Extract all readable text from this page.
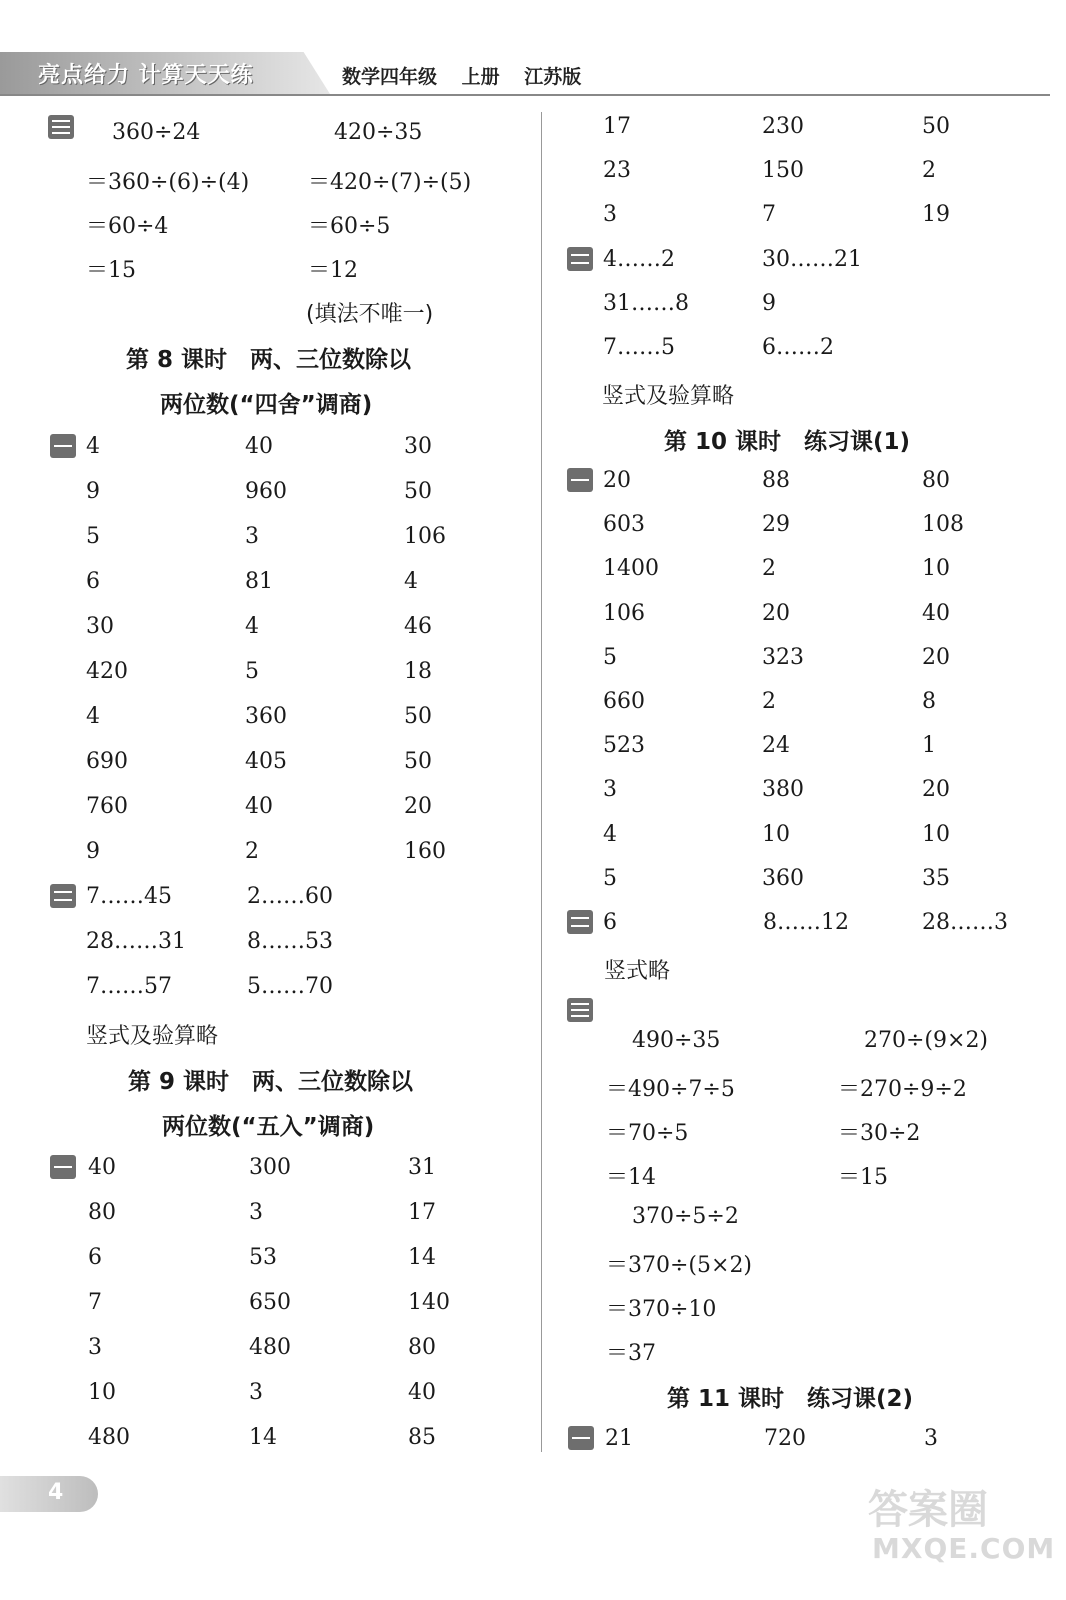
亮点给力 计算天天练	数学四年级 上册 江苏版
360÷24
＝360÷(6)÷(4)
＝60÷4
＝15
420÷35
＝420÷(7)÷(5)
＝60÷5
＝12
(填法不唯一)
第 8 课时　两、三位数除以
两位数(“四舍”调商)
4	40	30
9	960	50
5	3	106
6	81	4
30	4	46
420	5	18
4	360	50
690	405	50
760	40	20
9	2	160
7……45	2……60
28……31	8……53
7……57	5……70
竖式及验算略
第 9 课时　两、三位数除以
两位数(“五入”调商)
40	300	31
80	3	17
6	53	14
7	650	140
3	480	80
10	3	40
480	14	85
17	230	50
23	150	2
3	7	19
4……2	30……21
31……8	9
7……5	6……2
竖式及验算略
第 10 课时　练习课(1)
20	88	80
603	29	108
1400	2	10
106	20	40
5	323	20
660	2	8
523	24	1
3	380	20
4	10	10
5	360	35
6	8……12	28……3
竖式略
490÷35
＝490÷7÷5
＝70÷5
＝14
270÷(9×2)
＝270÷9÷2
＝30÷2
＝15
370÷5÷2
＝370÷(5×2)
＝370÷10
＝37
第 11 课时　练习课(2)
21	720	3
4	答案圈
MXQE.COM
